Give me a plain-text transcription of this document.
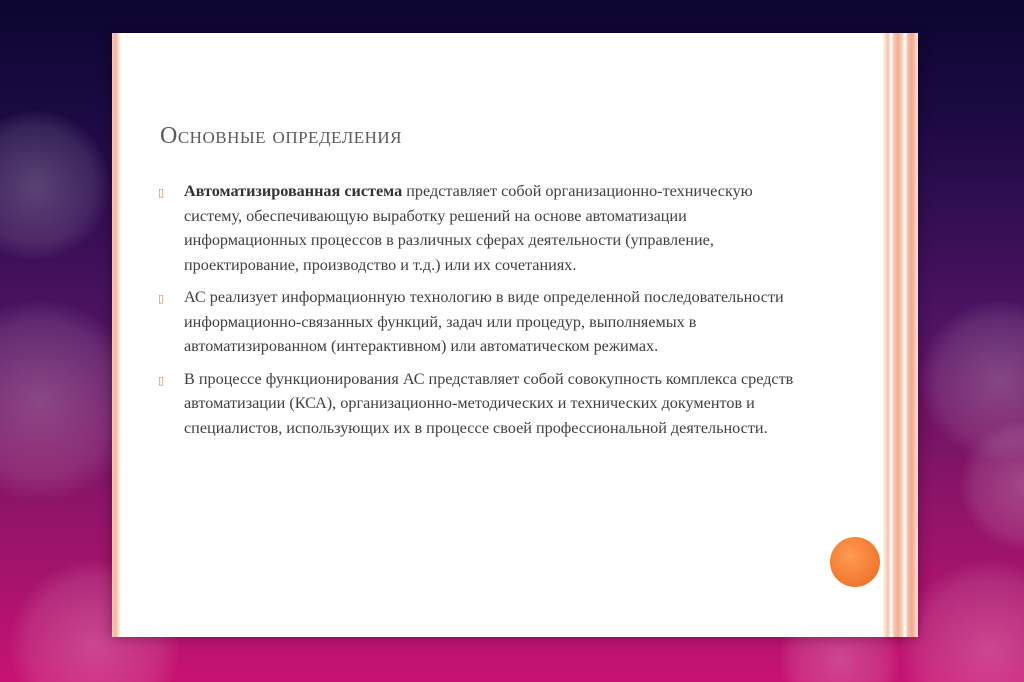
Основные определения
▯ Автоматизированная система представляет собой организационно-техническую систему, обеспечивающую выработку решений на основе автоматизации информационных процессов в различных сферах деятельности (управление, проектирование, производство и т.д.) или их сочетаниях.
▯ АС реализует информационную технологию в виде определенной последовательности информационно-связанных функций, задач или процедур, выполняемых в автоматизированном (интерактивном) или автоматическом режимах.
▯ В процессе функционирования АС представляет собой совокупность комплекса средств автоматизации (КСА), организационно-методических и технических документов и специалистов, использующих их в процессе своей профессиональной деятельности.
